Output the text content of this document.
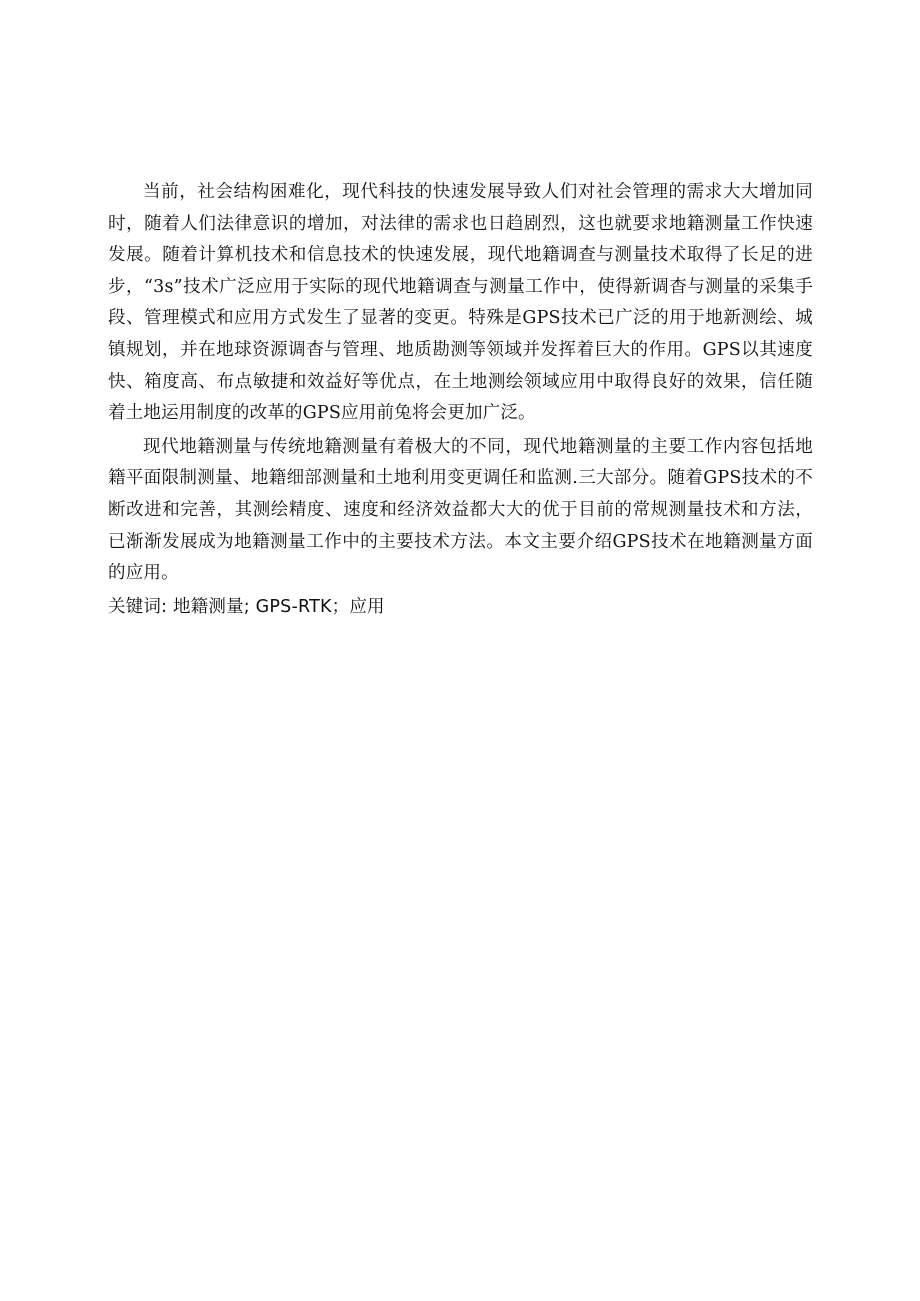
当前，社会结构困难化，现代科技的快速发展导致人们对社会管理的需求大大增加同时，随着人们法律意识的增加，对法律的需求也日趋剧烈，这也就要求地籍测量工作快速发展。随着计算机技术和信息技术的快速发展，现代地籍调查与测量技术取得了长足的进步，“3s”技术广泛应用于实际的现代地籍调查与测量工作中，使得新调杳与测量的采集手段、管理模式和应用方式发生了显著的变更。特殊是GPS技术已广泛的用于地新测绘、城镇规划，并在地球资源调杳与管理、地质勘测等领域并发挥着巨大的作用。GPS以其速度快、箱度高、布点敏捷和效益好等优点，在土地测绘领域应用中取得良好的效果，信任随着土地运用制度的改革的GPS应用前兔将会更加广泛。

现代地籍测量与传统地籍测量有着极大的不同，现代地籍测量的主要工作内容包括地籍平面限制测量、地籍细部测量和土地利用变更调任和监测.三大部分。随着GPS技术的不断改进和完善，其测绘精度、速度和经济效益都大大的优于目前的常规测量技术和方法，已渐渐发展成为地籍测量工作中的主要技术方法。本文主要介绍GPS技术在地籍测量方面的应用。

关键词: 地籍测量; GPS-RTK；应用
